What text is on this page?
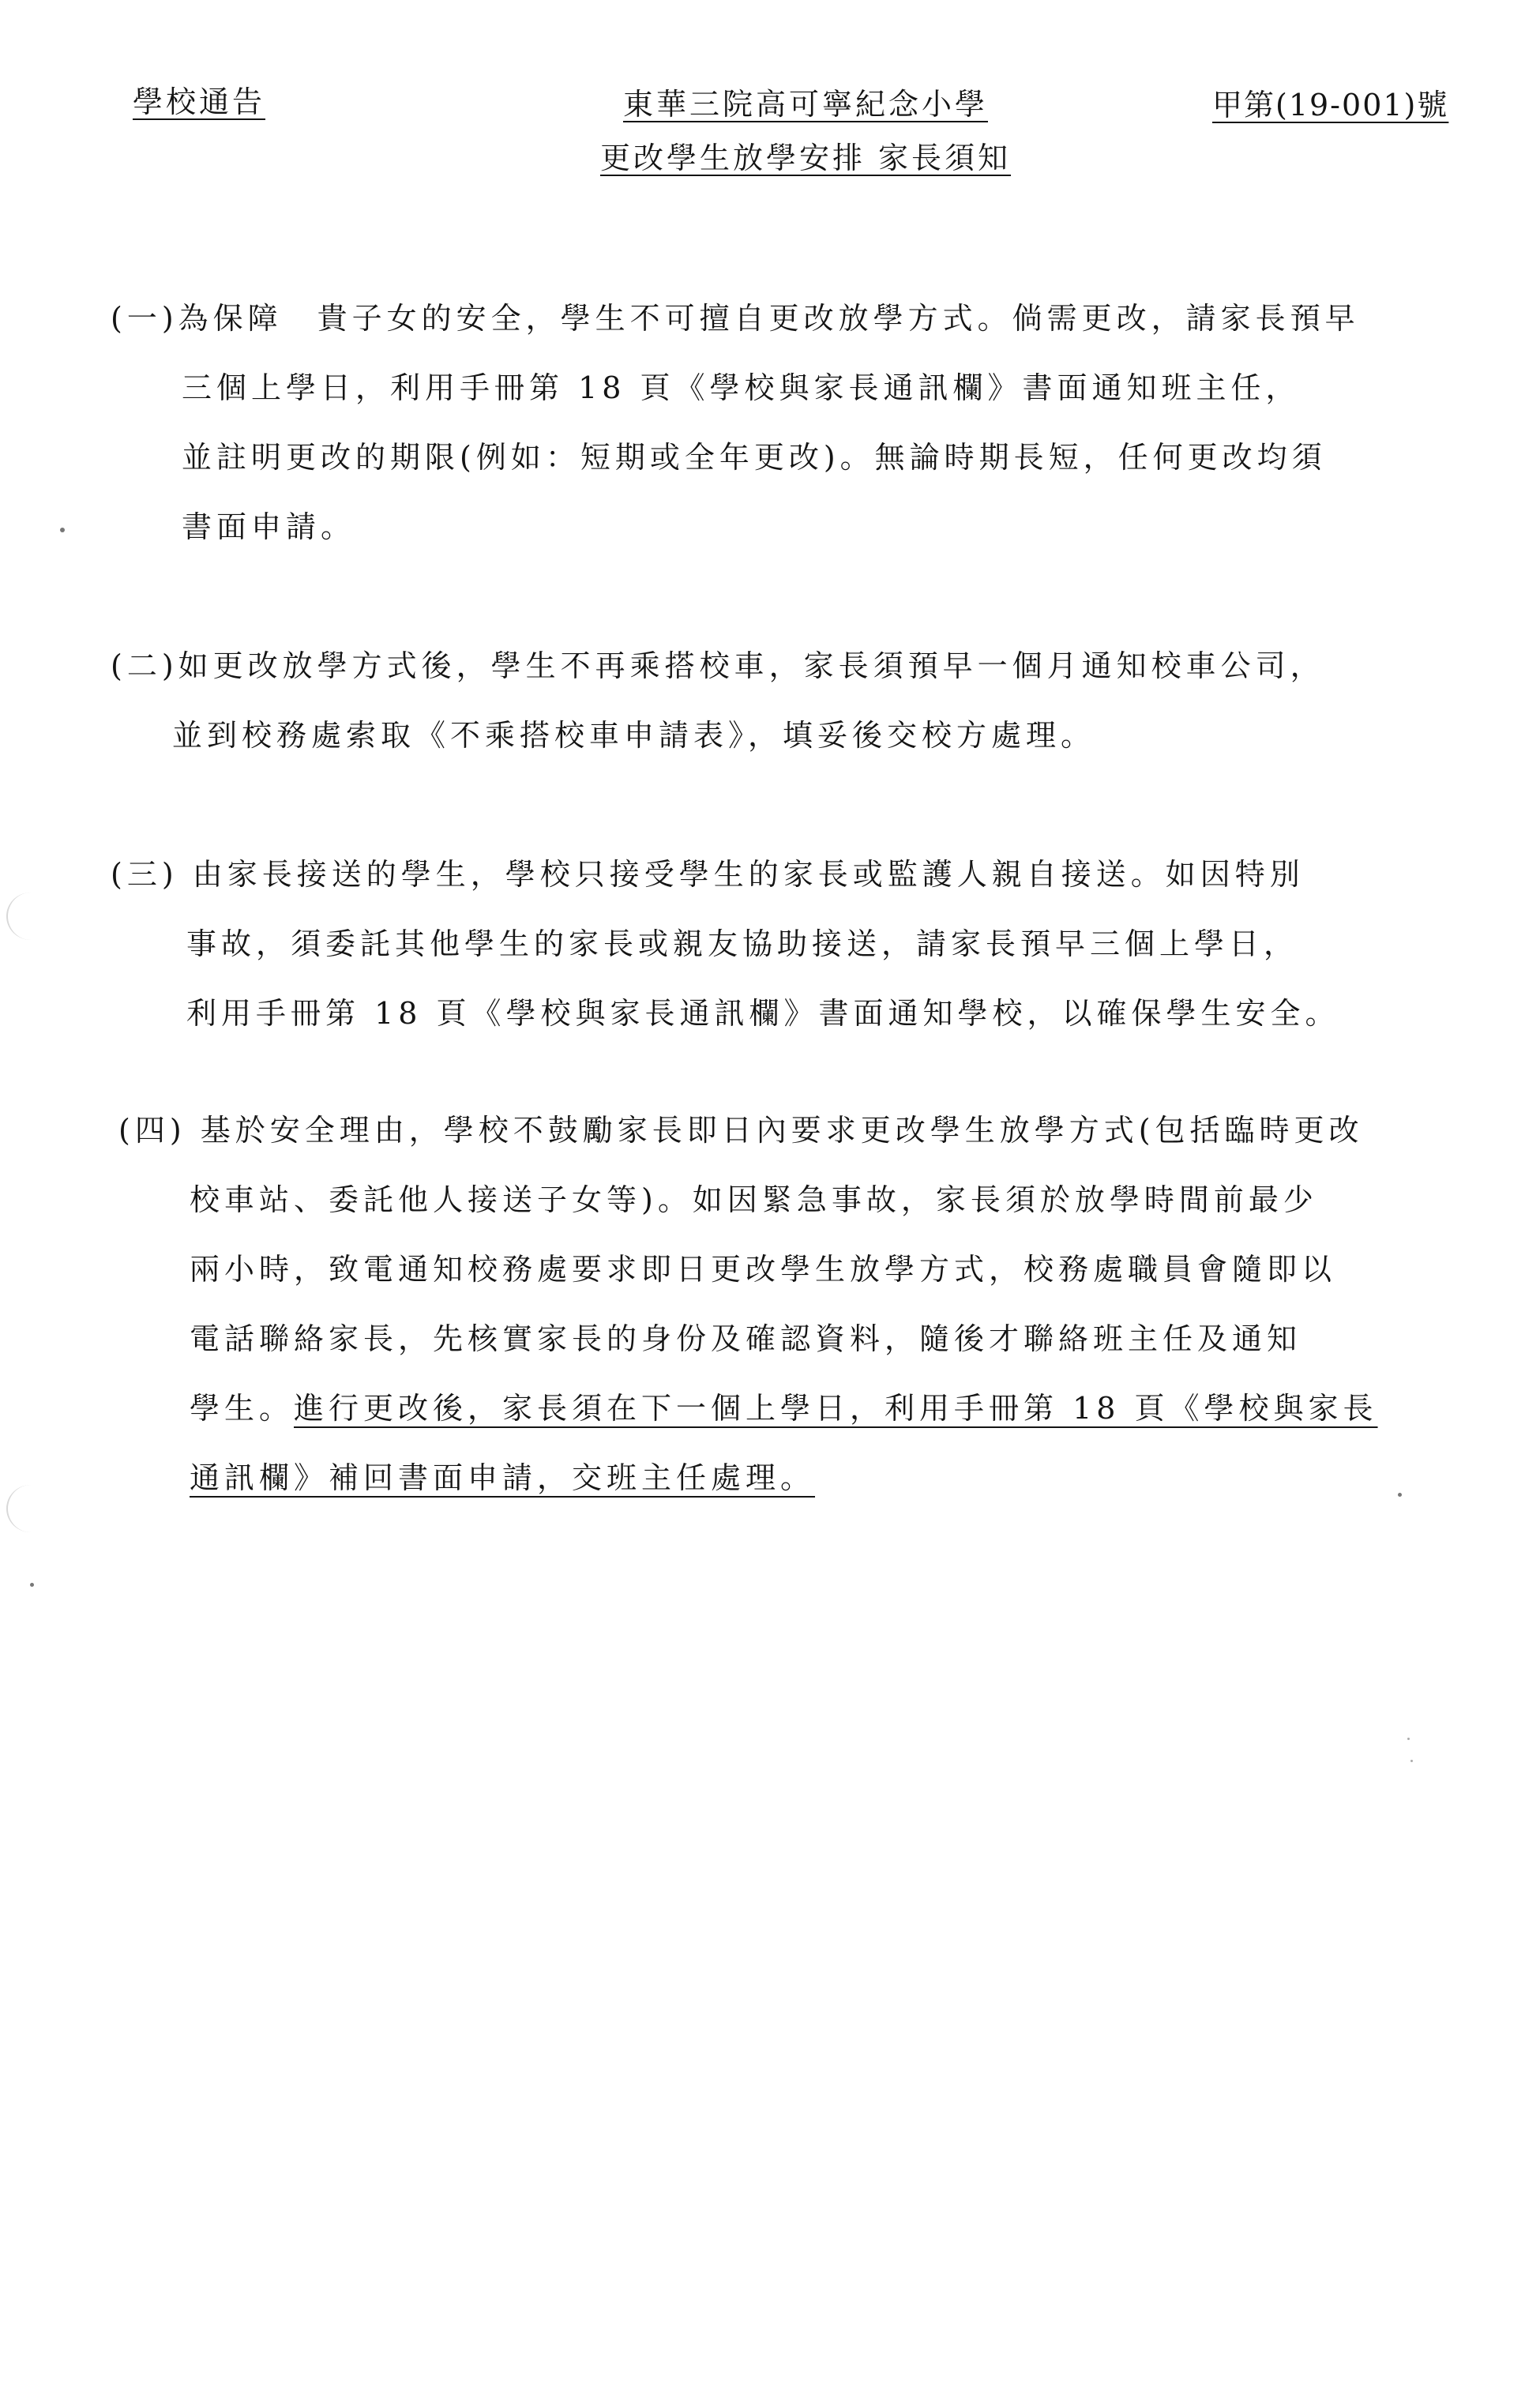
學校通告	東華三院高可寧紀念小學
更改學生放學安排 家長須知
甲第(19-001)號
(一)為保障　貴子女的安全，學生不可擅自更改放學方式。倘需更改，請家長預早
三個上學日，利用手冊第 18 頁《學校與家長通訊欄》書面通知班主任，
並註明更改的期限(例如：短期或全年更改)。無論時期長短，任何更改均須
書面申請。
(二)如更改放學方式後，學生不再乘搭校車，家長須預早一個月通知校車公司，
並到校務處索取《不乘搭校車申請表》，填妥後交校方處理。
(三) 由家長接送的學生，學校只接受學生的家長或監護人親自接送。如因特別
事故，須委託其他學生的家長或親友協助接送，請家長預早三個上學日，
利用手冊第 18 頁《學校與家長通訊欄》書面通知學校，以確保學生安全。
(四) 基於安全理由，學校不鼓勵家長即日內要求更改學生放學方式(包括臨時更改
校車站、委託他人接送子女等)。如因緊急事故，家長須於放學時間前最少
兩小時，致電通知校務處要求即日更改學生放學方式，校務處職員會隨即以
電話聯絡家長，先核實家長的身份及確認資料，隨後才聯絡班主任及通知
學生。進行更改後，家長須在下一個上學日，利用手冊第 18 頁《學校與家長
通訊欄》補回書面申請，交班主任處理。
